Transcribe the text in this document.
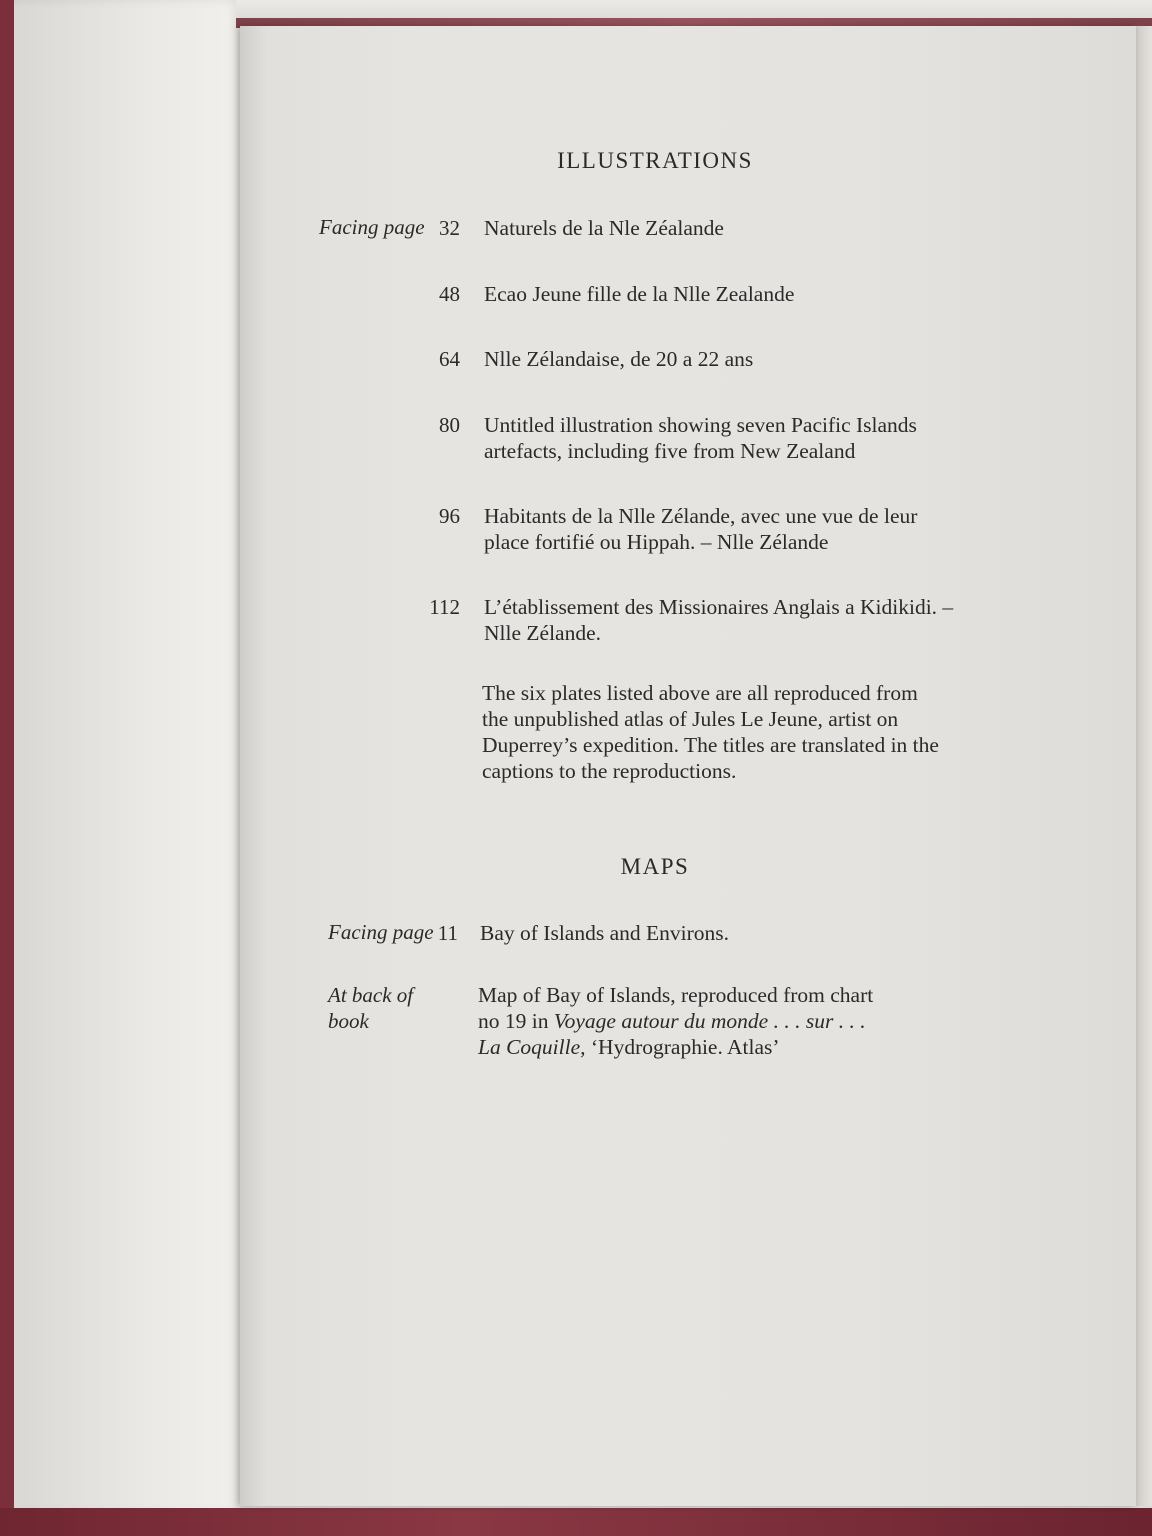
ILLUSTRATIONS
Facing page 32 Naturels de la Nle Zéalande
48 Ecao Jeune fille de la Nlle Zealande
64 Nlle Zélandaise, de 20 a 22 ans
80 Untitled illustration showing seven Pacific Islands
artefacts, including five from New Zealand
96 Habitants de la Nlle Zélande, avec une vue de leur
place fortifié ou Hippah. – Nlle Zélande
112 L’établissement des Missionaires Anglais a Kidikidi. –
Nlle Zélande.
The six plates listed above are all reproduced from
the unpublished atlas of Jules Le Jeune, artist on
Duperrey’s expedition. The titles are translated in the
captions to the reproductions.
MAPS
Facing page 11 Bay of Islands and Environs.
At back of
book
Map of Bay of Islands, reproduced from chart
no 19 in Voyage autour du monde . . . sur . . .
La Coquille, ‘Hydrographie. Atlas’
